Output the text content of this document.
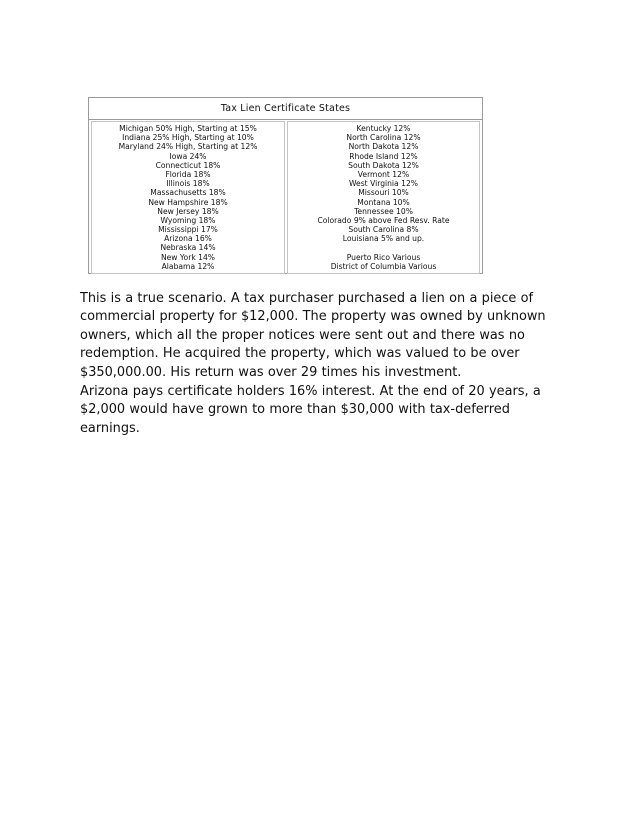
Tax Lien Certificate States
Michigan 50% High, Starting at 15%
Indiana 25% High, Starting at 10%
Maryland 24% High, Starting at 12%
Iowa 24%
Connecticut 18%
Florida 18%
Illinois 18%
Massachusetts 18%
New Hampshire 18%
New Jersey 18%
Wyoming 18%
Mississippi 17%
Arizona 16%
Nebraska 14%
New York 14%
Alabama 12%
Kentucky 12%
North Carolina 12%
North Dakota 12%
Rhode Island 12%
South Dakota 12%
Vermont 12%
West Virginia 12%
Missouri 10%
Montana 10%
Tennessee 10%
Colorado 9% above Fed Resv. Rate
South Carolina 8%
Louisiana 5% and up.
Puerto Rico Various
District of Columbia Various

This is a true scenario. A tax purchaser purchased a lien on a piece of commercial property for $12,000. The property was owned by unknown owners, which all the proper notices were sent out and there was no redemption. He acquired the property, which was valued to be over $350,000.00. His return was over 29 times his investment.

Arizona pays certificate holders 16% interest. At the end of 20 years, a $2,000 would have grown to more than $30,000 with tax-deferred earnings.
